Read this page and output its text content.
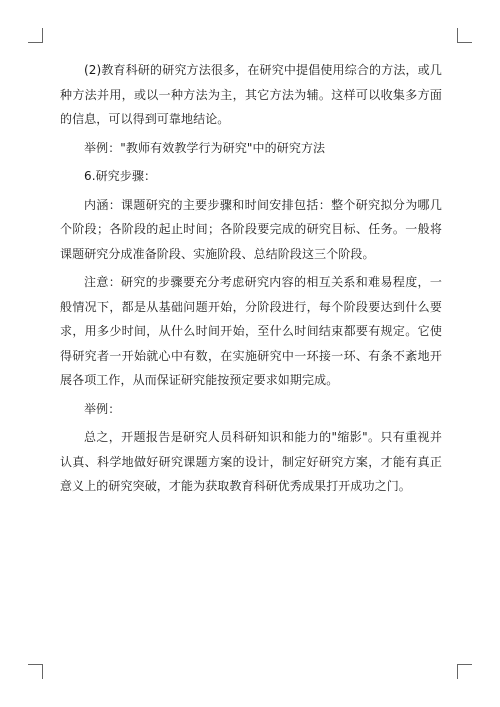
(2)教育科研的研究方法很多，在研究中提倡使用综合的方法，或几种方法并用，或以一种方法为主，其它方法为辅。这样可以收集多方面的信息，可以得到可靠地结论。

举例："教师有效教学行为研究"中的研究方法

6.研究步骤：

内涵：课题研究的主要步骤和时间安排包括：整个研究拟分为哪几个阶段；各阶段的起止时间；各阶段要完成的研究目标、任务。一般将课题研究分成准备阶段、实施阶段、总结阶段这三个阶段。

注意：研究的步骤要充分考虑研究内容的相互关系和难易程度，一般情况下，都是从基础问题开始，分阶段进行，每个阶段要达到什么要求，用多少时间，从什么时间开始，至什么时间结束都要有规定。它使得研究者一开始就心中有数，在实施研究中一环接一环、有条不紊地开展各项工作，从而保证研究能按预定要求如期完成。

举例：

总之，开题报告是研究人员科研知识和能力的"缩影"。只有重视并认真、科学地做好研究课题方案的设计，制定好研究方案，才能有真正意义上的研究突破，才能为获取教育科研优秀成果打开成功之门。
